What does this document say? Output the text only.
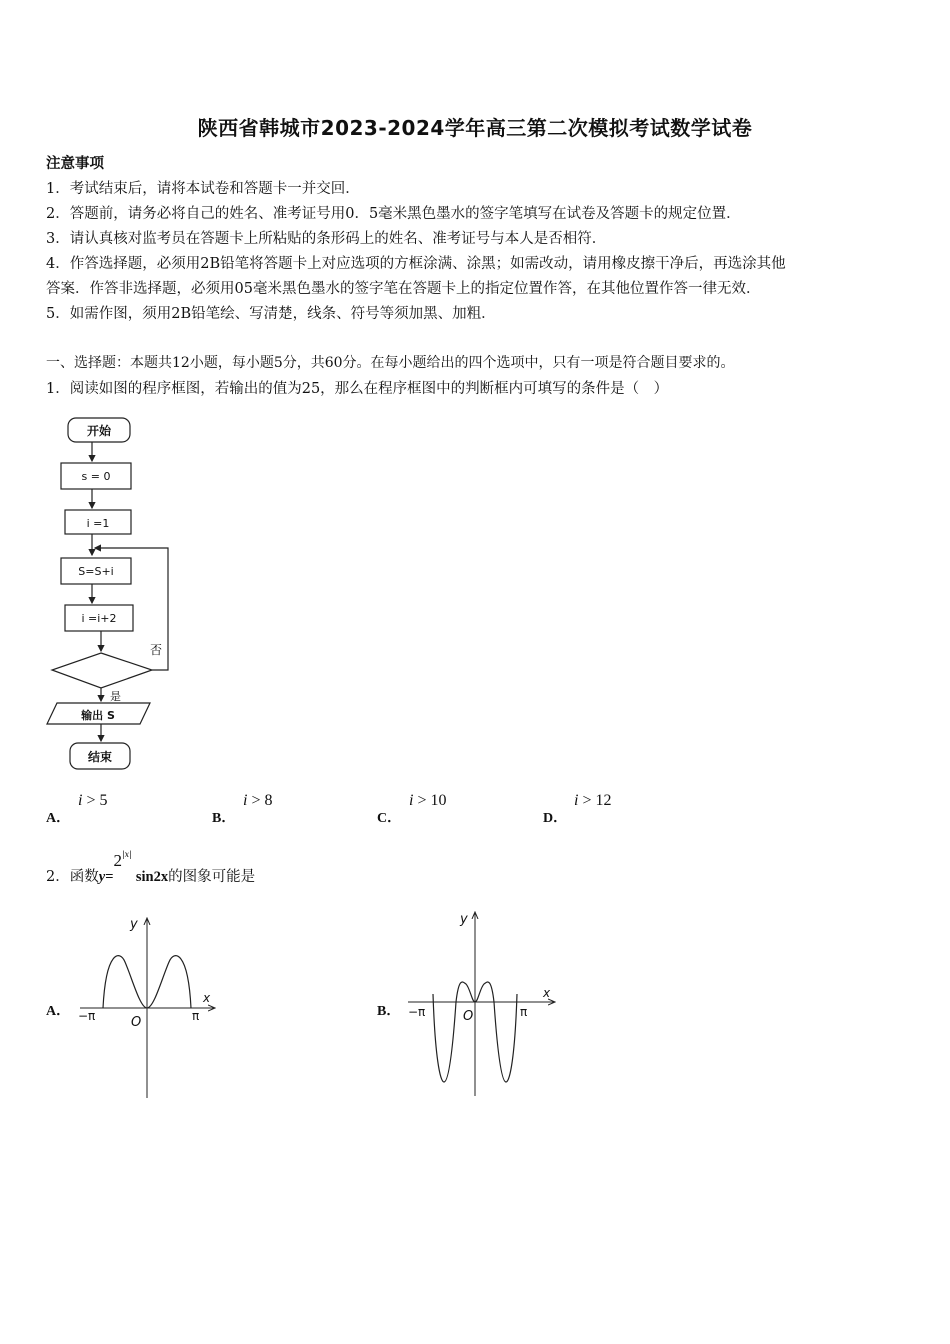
陕西省韩城市2023-2024学年高三第二次模拟考试数学试卷
注意事项
1．考试结束后，请将本试卷和答题卡一并交回．
2．答题前，请务必将自己的姓名、准考证号用0．5毫米黑色墨水的签字笔填写在试卷及答题卡的规定位置．
3．请认真核对监考员在答题卡上所粘贴的条形码上的姓名、准考证号与本人是否相符．
4．作答选择题，必须用2B铅笔将答题卡上对应选项的方框涂满、涂黑；如需改动，请用橡皮擦干净后，再选涂其他
答案．作答非选择题，必须用05毫米黑色墨水的签字笔在答题卡上的指定位置作答，在其他位置作答一律无效．
5．如需作图，须用2B铅笔绘、写清楚，线条、符号等须加黑、加粗．
一、选择题：本题共12小题，每小题5分，共60分。在每小题给出的四个选项中，只有一项是符合题目要求的。
1．阅读如图的程序框图，若输出的值为25，那么在程序框图中的判断框内可填写的条件是（　）
开始
s = 0
i =1
S=S+i
i =i+2
否
是
输出 S
结束
A．
i > 5
B．
i > 8
C．
i > 10
D．
i > 12
2．函数$y=2^{|x|}\sin 2x$的图象可能是
A．
y
x
O
−π	π	B．
y
x
O
−π	π
